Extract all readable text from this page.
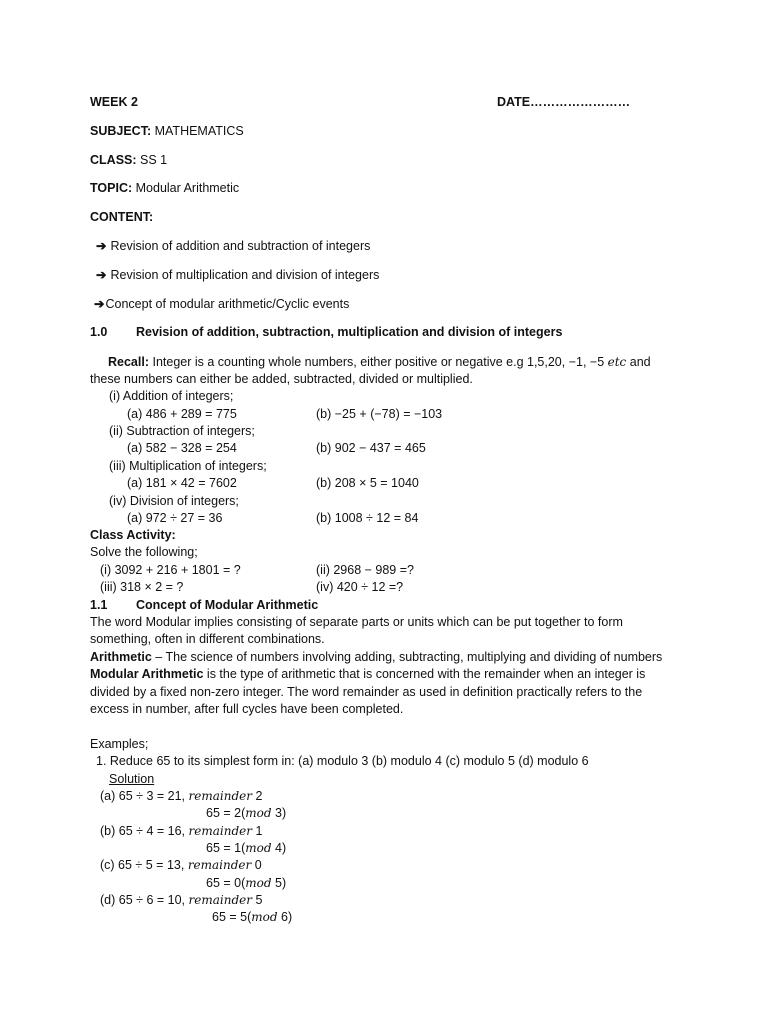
WEEK 2	DATE……………………
SUBJECT: MATHEMATICS
CLASS: SS 1
TOPIC: Modular Arithmetic
CONTENT:
➔ Revision of addition and subtraction of integers
➔ Revision of multiplication and division of integers
➔Concept of modular arithmetic/Cyclic events
1.0 Revision of addition, subtraction, multiplication and division of integers
Recall: Integer is a counting whole numbers, either positive or negative e.g 1,5,20, −1, −5 etc and
these numbers can either be added, subtracted, divided or multiplied.
(i) Addition of integers;
(a) 486 + 289 = 775	(b) −25 + (−78) = −103
(ii) Subtraction of integers;
(a) 582 − 328 = 254	(b) 902 − 437 = 465
(iii) Multiplication of integers;
(a) 181 × 42 = 7602	(b) 208 × 5 = 1040
(iv) Division of integers;
(a) 972 ÷ 27 = 36	(b) 1008 ÷ 12 = 84
Class Activity:
Solve the following;
(i) 3092 + 216 + 1801 = ?	(ii) 2968 − 989 =?
(iii) 318 × 2 = ?	(iv) 420 ÷ 12 =?
1.1 Concept of Modular Arithmetic
The word Modular implies consisting of separate parts or units which can be put together to form
something, often in different combinations.
Arithmetic – The science of numbers involving adding, subtracting, multiplying and dividing of numbers
Modular Arithmetic is the type of arithmetic that is concerned with the remainder when an integer is
divided by a fixed non-zero integer. The word remainder as used in definition practically refers to the
excess in number, after full cycles have been completed.
Examples;
1. Reduce 65 to its simplest form in: (a) modulo 3 (b) modulo 4 (c) modulo 5 (d) modulo 6
Solution
(a) 65 ÷ 3 = 21, remainder 2
65 = 2(mod 3)
(b) 65 ÷ 4 = 16, remainder 1
65 = 1(mod 4)
(c) 65 ÷ 5 = 13, remainder 0
65 = 0(mod 5)
(d) 65 ÷ 6 = 10, remainder 5
65 = 5(mod 6)
